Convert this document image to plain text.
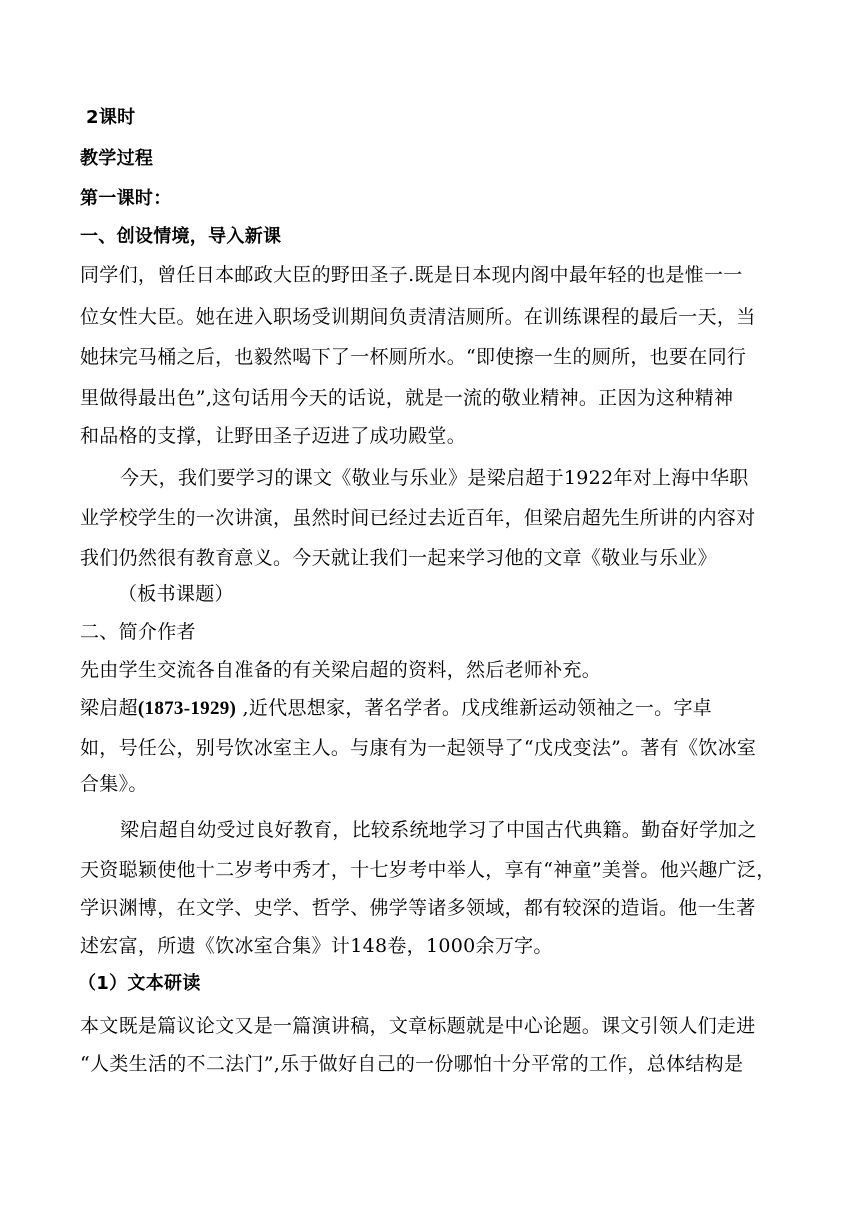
2课时
教学过程
第一课时：
一、创设情境，导入新课
同学们，曾任日本邮政大臣的野田圣子.既是日本现内阁中最年轻的也是惟一一
位女性大臣。她在进入职场受训期间负责清洁厕所。在训练课程的最后一天，当
她抹完马桶之后，也毅然喝下了一杯厕所水。“即使擦一生的厕所，也要在同行
里做得最出色”,这句话用今天的话说，就是一流的敬业精神。正因为这种精神
和品格的支撑，让野田圣子迈进了成功殿堂。
今天，我们要学习的课文《敬业与乐业》是梁启超于1922年对上海中华职
业学校学生的一次讲演，虽然时间已经过去近百年，但梁启超先生所讲的内容对
我们仍然很有教育意义。今天就让我们一起来学习他的文章《敬业与乐业》
（板书课题）
二、简介作者
先由学生交流各自准备的有关梁启超的资料，然后老师补充。
梁启超(1873-1929) ,近代思想家，著名学者。戊戌维新运动领袖之一。字卓
如，号任公，别号饮冰室主人。与康有为一起领导了“戊戌变法”。著有《饮冰室
合集》。
梁启超自幼受过良好教育，比较系统地学习了中国古代典籍。勤奋好学加之
天资聪颖使他十二岁考中秀才，十七岁考中举人，享有“神童”美誉。他兴趣广泛，
学识渊博，在文学、史学、哲学、佛学等诸多领域，都有较深的造诣。他一生著
述宏富，所遗《饮冰室合集》计148卷，1000余万字。
（1）文本研读
本文既是篇议论文又是一篇演讲稿，文章标题就是中心论题。课文引领人们走进
“人类生活的不二法门”,乐于做好自己的一份哪怕十分平常的工作，总体结构是
